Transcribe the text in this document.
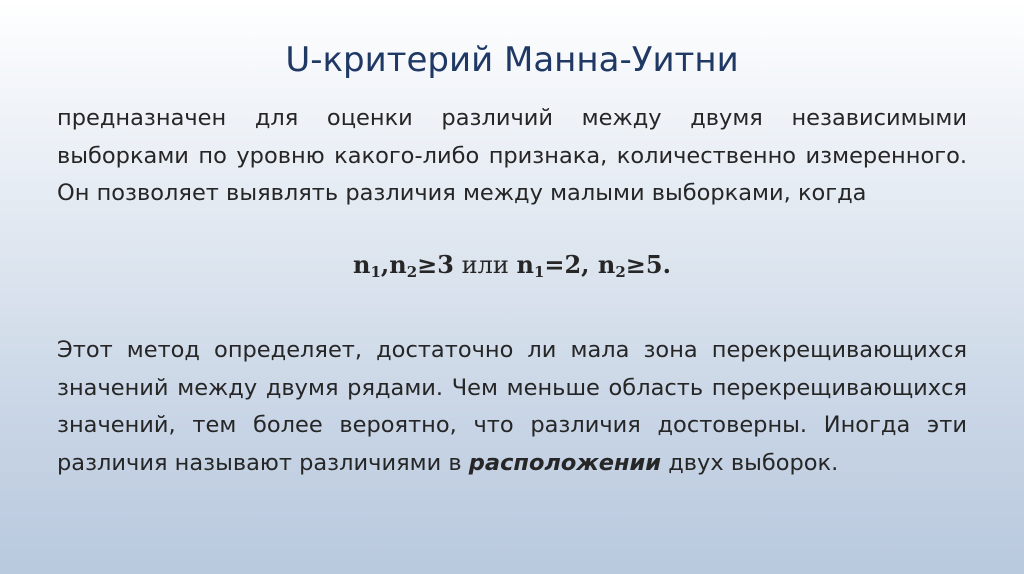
U-критерий Манна-Уитни
предназначен для оценки различий между двумя независимыми выборками по уровню какого-либо признака, количественно измеренного. Он позволяет выявлять различия между малыми выборками, когда
$n_1,n_2\ge 3$ или $n_1=2$, $n_2\ge 5$.
Этот метод определяет, достаточно ли мала зона перекрещивающихся значений между двумя рядами. Чем меньше область перекрещивающихся значений, тем более вероятно, что различия достоверны. Иногда эти различия называют различиями в расположении двух выборок.
